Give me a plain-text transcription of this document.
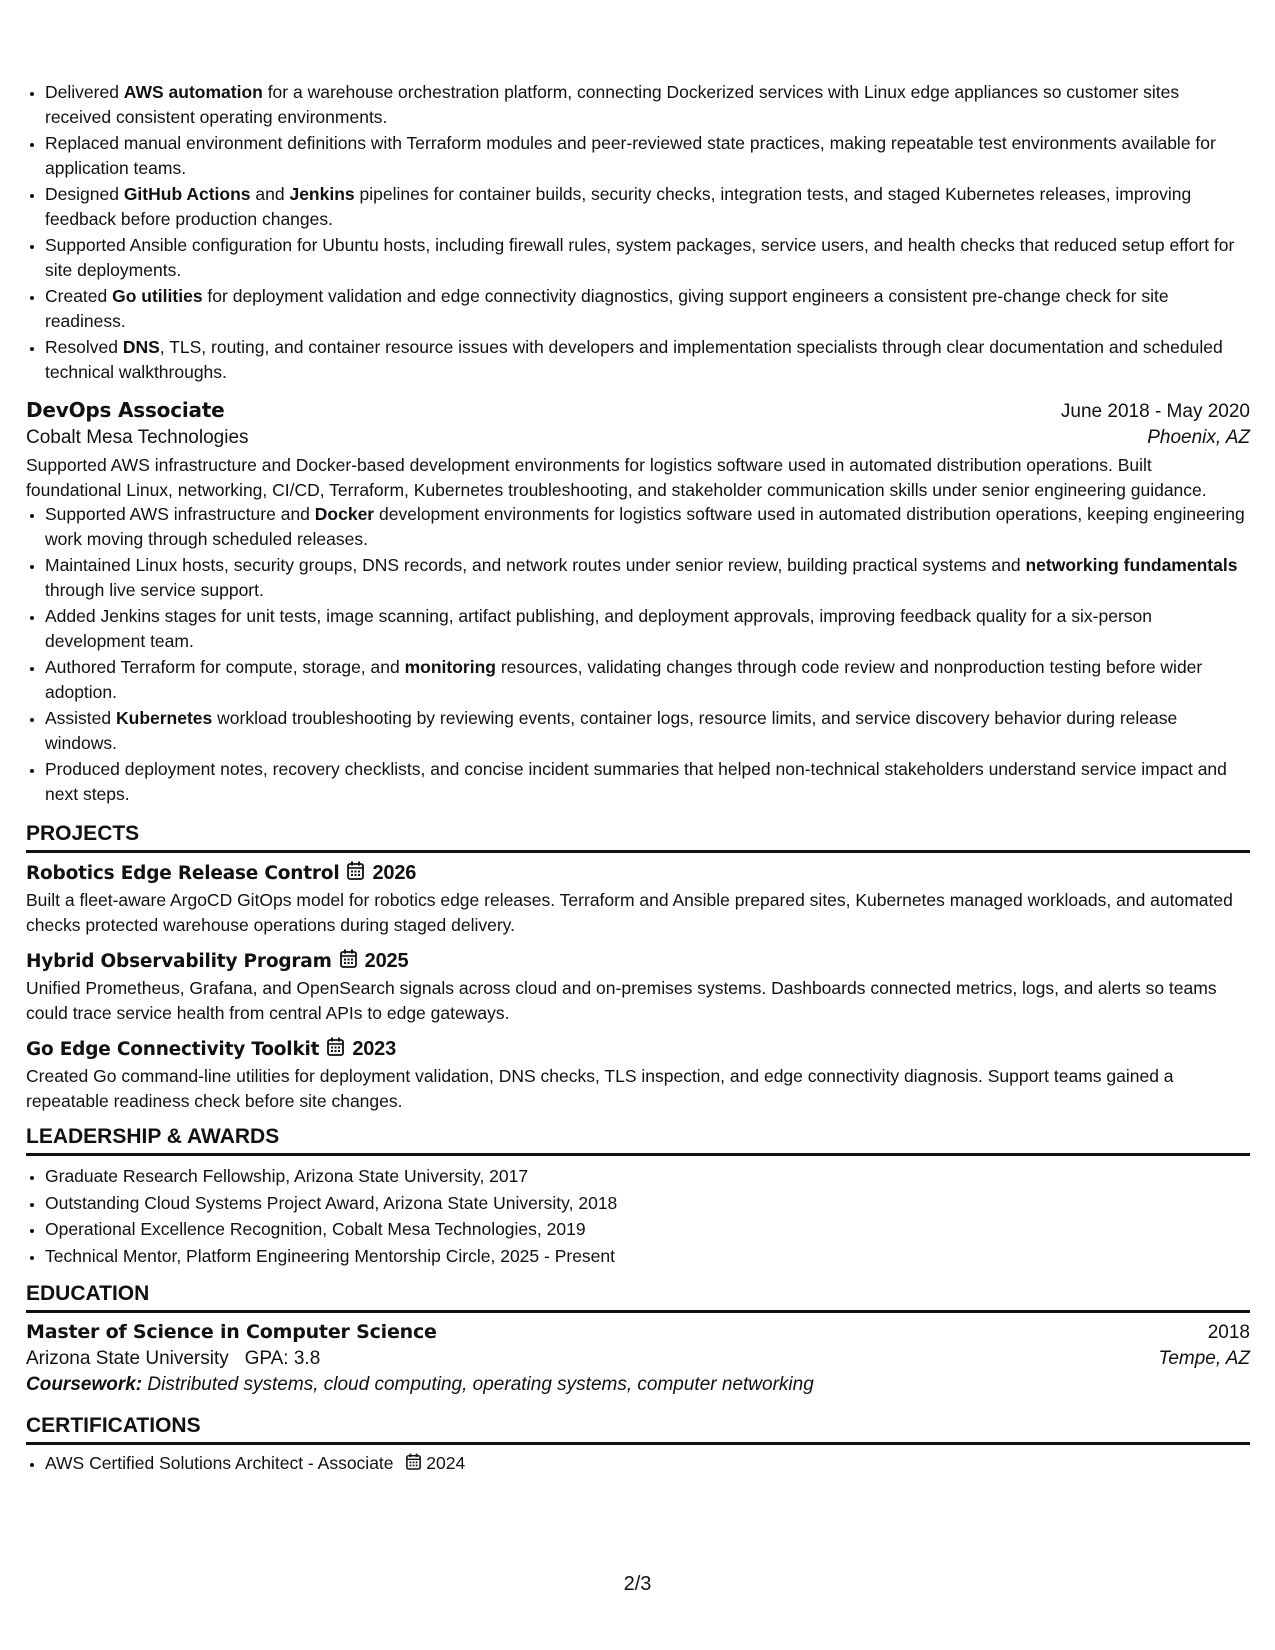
• Delivered AWS automation for a warehouse orchestration platform, connecting Dockerized services with Linux edge appliances so customer sites received consistent operating environments.
• Replaced manual environment definitions with Terraform modules and peer-reviewed state practices, making repeatable test environments available for application teams.
• Designed GitHub Actions and Jenkins pipelines for container builds, security checks, integration tests, and staged Kubernetes releases, improving feedback before production changes.
• Supported Ansible configuration for Ubuntu hosts, including firewall rules, system packages, service users, and health checks that reduced setup effort for site deployments.
• Created Go utilities for deployment validation and edge connectivity diagnostics, giving support engineers a consistent pre-change check for site readiness.
• Resolved DNS, TLS, routing, and container resource issues with developers and implementation specialists through clear documentation and scheduled technical walkthroughs.
DevOps Associate	June 2018 - May 2020
Cobalt Mesa Technologies	Phoenix, AZ

Supported AWS infrastructure and Docker-based development environments for logistics software used in automated distribution operations. Built foundational Linux, networking, CI/CD, Terraform, Kubernetes troubleshooting, and stakeholder communication skills under senior engineering guidance.

• Supported AWS infrastructure and Docker development environments for logistics software used in automated distribution operations, keeping engineering work moving through scheduled releases.
• Maintained Linux hosts, security groups, DNS records, and network routes under senior review, building practical systems and networking fundamentals through live service support.
• Added Jenkins stages for unit tests, image scanning, artifact publishing, and deployment approvals, improving feedback quality for a six-person development team.
• Authored Terraform for compute, storage, and monitoring resources, validating changes through code review and nonproduction testing before wider adoption.
• Assisted Kubernetes workload troubleshooting by reviewing events, container logs, resource limits, and service discovery behavior during release windows.
• Produced deployment notes, recovery checklists, and concise incident summaries that helped non-technical stakeholders understand service impact and next steps.
PROJECTS
Robotics Edge Release Control 2026

Built a fleet-aware ArgoCD GitOps model for robotics edge releases. Terraform and Ansible prepared sites, Kubernetes managed workloads, and automated checks protected warehouse operations during staged delivery.

Hybrid Observability Program 2025

Unified Prometheus, Grafana, and OpenSearch signals across cloud and on-premises systems. Dashboards connected metrics, logs, and alerts so teams could trace service health from central APIs to edge gateways.

Go Edge Connectivity Toolkit 2023

Created Go command-line utilities for deployment validation, DNS checks, TLS inspection, and edge connectivity diagnosis. Support teams gained a repeatable readiness check before site changes.

LEADERSHIP & AWARDS
• Graduate Research Fellowship, Arizona State University, 2017
• Outstanding Cloud Systems Project Award, Arizona State University, 2018
• Operational Excellence Recognition, Cobalt Mesa Technologies, 2019
• Technical Mentor, Platform Engineering Mentorship Circle, 2025 - Present
EDUCATION
Master of Science in Computer Science	2018
Arizona State University GPA: 3.8	Tempe, AZ
Coursework: Distributed systems, cloud computing, operating systems, computer networking
CERTIFICATIONS
• AWS Certified Solutions Architect - Associate 2024
2/3
